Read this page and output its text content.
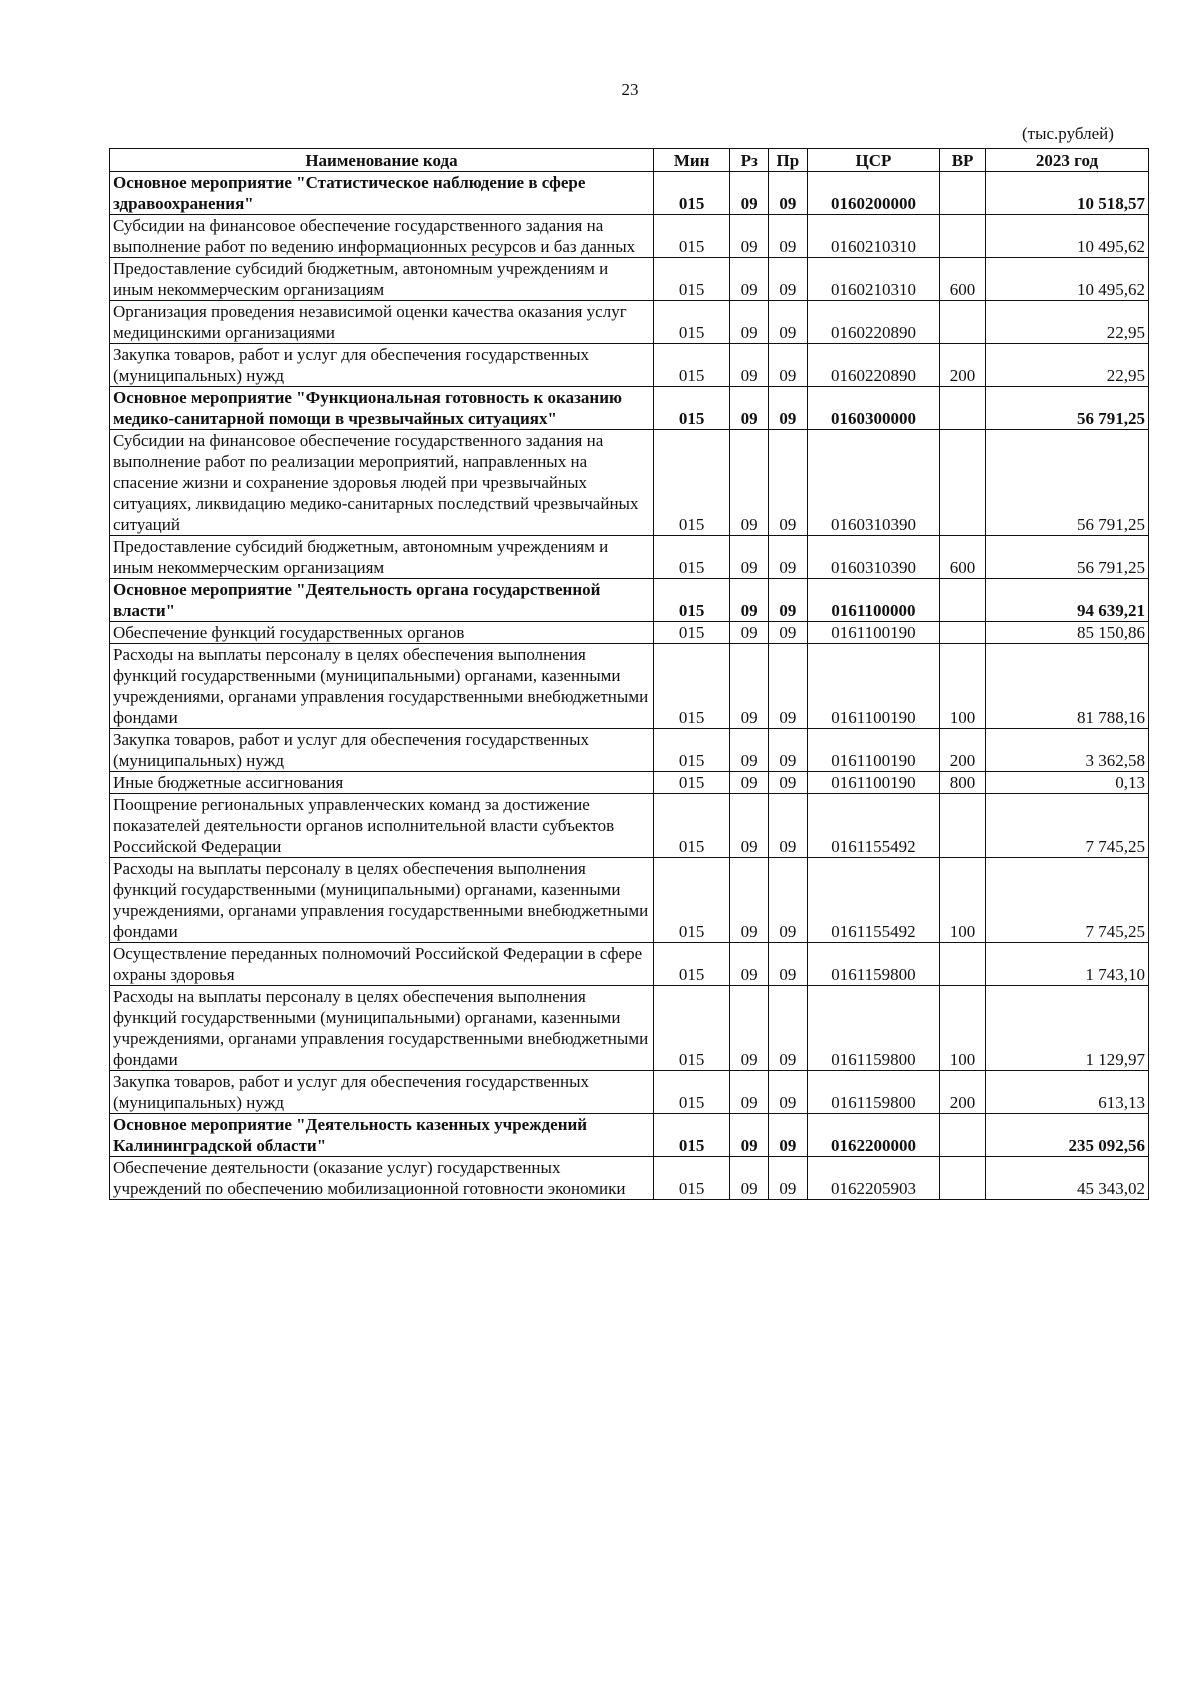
23
(тыс.рублей)
Наименование кода	Мин	Рз	Пр	ЦСР	ВР	2023 год
Основное мероприятие "Статистическое наблюдение в сфере здравоохранения"	015	09	09	0160200000		10 518,57
Субсидии на финансовое обеспечение государственного задания на выполнение работ по ведению информационных ресурсов и баз данных	015	09	09	0160210310		10 495,62
Предоставление субсидий бюджетным, автономным учреждениям и иным некоммерческим организациям	015	09	09	0160210310	600	10 495,62
Организация проведения независимой оценки качества оказания услуг медицинскими организациями	015	09	09	0160220890		22,95
Закупка товаров, работ и услуг для обеспечения государственных (муниципальных) нужд	015	09	09	0160220890	200	22,95
Основное мероприятие "Функциональная готовность к оказанию медико-санитарной помощи в чрезвычайных ситуациях"	015	09	09	0160300000		56 791,25
Субсидии на финансовое обеспечение государственного задания на выполнение работ по реализации мероприятий, направленных на спасение жизни и сохранение здоровья людей при чрезвычайных ситуациях, ликвидацию медико-санитарных последствий чрезвычайных ситуаций	015	09	09	0160310390		56 791,25
Предоставление субсидий бюджетным, автономным учреждениям и иным некоммерческим организациям	015	09	09	0160310390	600	56 791,25
Основное мероприятие "Деятельность органа государственной власти"	015	09	09	0161100000		94 639,21
Обеспечение функций государственных органов	015	09	09	0161100190		85 150,86
Расходы на выплаты персоналу в целях обеспечения выполнения функций государственными (муниципальными) органами, казенными учреждениями, органами управления государственными внебюджетными фондами	015	09	09	0161100190	100	81 788,16
Закупка товаров, работ и услуг для обеспечения государственных (муниципальных) нужд	015	09	09	0161100190	200	3 362,58
Иные бюджетные ассигнования	015	09	09	0161100190	800	0,13
Поощрение региональных управленческих команд за достижение показателей деятельности органов исполнительной власти субъектов Российской Федерации	015	09	09	0161155492		7 745,25
Расходы на выплаты персоналу в целях обеспечения выполнения функций государственными (муниципальными) органами, казенными учреждениями, органами управления государственными внебюджетными фондами	015	09	09	0161155492	100	7 745,25
Осуществление переданных полномочий Российской Федерации в сфере охраны здоровья	015	09	09	0161159800		1 743,10
Расходы на выплаты персоналу в целях обеспечения выполнения функций государственными (муниципальными) органами, казенными учреждениями, органами управления государственными внебюджетными фондами	015	09	09	0161159800	100	1 129,97
Закупка товаров, работ и услуг для обеспечения государственных (муниципальных) нужд	015	09	09	0161159800	200	613,13
Основное мероприятие "Деятельность казенных учреждений Калининградской области"	015	09	09	0162200000		235 092,56
Обеспечение деятельности (оказание услуг) государственных учреждений по обеспечению мобилизационной готовности экономики	015	09	09	0162205903		45 343,02
